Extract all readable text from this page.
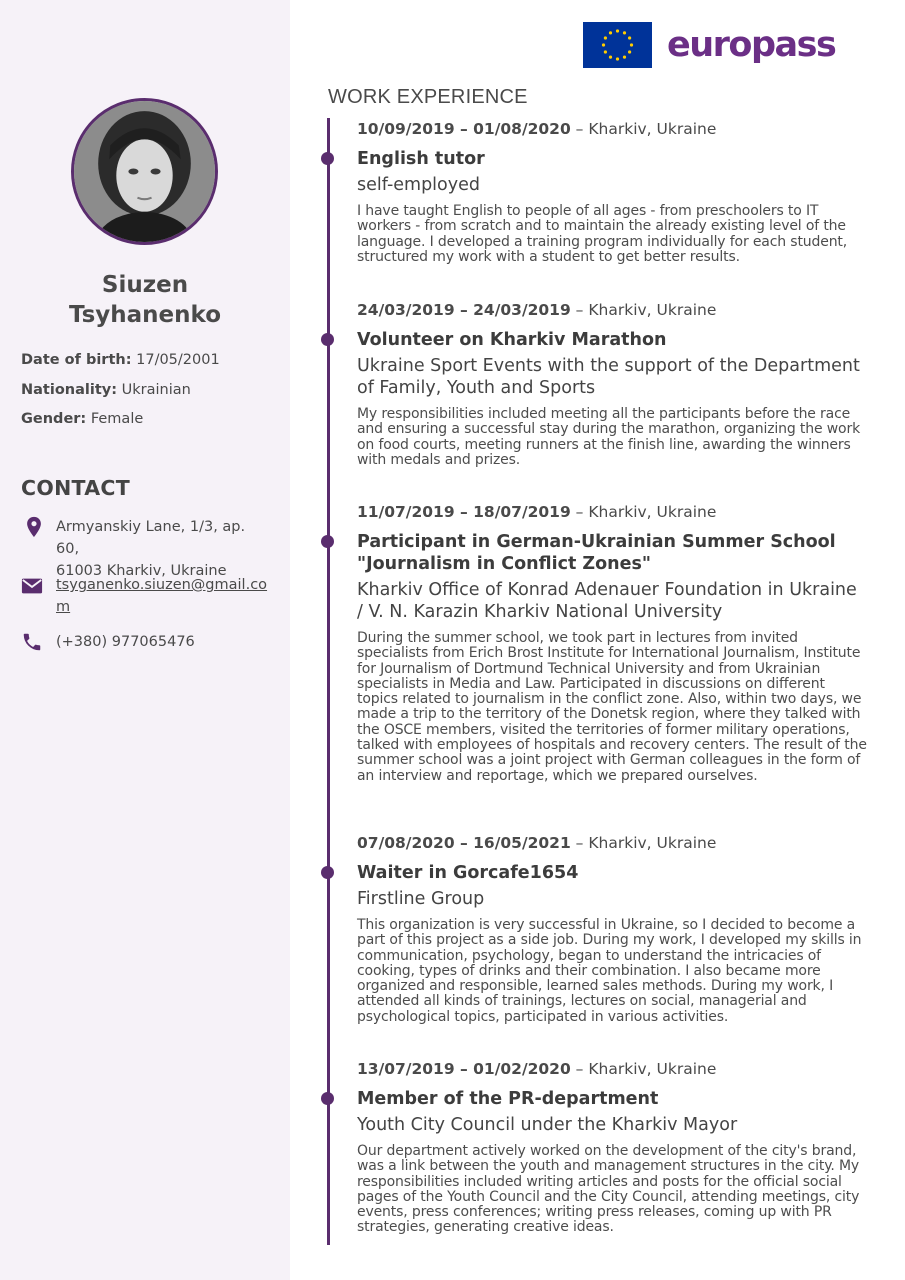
Siuzen
Tsyhanenko
Date of birth: 17/05/2001
Nationality: Ukrainian
Gender: Female
CONTACT
Armyanskiy Lane, 1/3, ap. 60,
61003 Kharkiv, Ukraine
tsyganenko.siuzen@gmail.co
m
(+380) 977065476
europass
WORK EXPERIENCE
10/09/2019 – 01/08/2020 – Kharkiv, Ukraine
English tutor
self-employed
I have taught English to people of all ages - from preschoolers to IT workers - from scratch and to maintain the already existing level of the language. I developed a training program individually for each student, structured my work with a student to get better results.
24/03/2019 – 24/03/2019 – Kharkiv, Ukraine
Volunteer on Kharkiv Marathon
Ukraine Sport Events with the support of the Department of Family, Youth and Sports
My responsibilities included meeting all the participants before the race and ensuring a successful stay during the marathon, organizing the work on food courts, meeting runners at the finish line, awarding the winners with medals and prizes.
11/07/2019 – 18/07/2019 – Kharkiv, Ukraine
Participant in German-Ukrainian Summer School "Journalism in Conflict Zones"
Kharkiv Office of Konrad Adenauer Foundation in Ukraine / V. N. Karazin Kharkiv National University
During the summer school, we took part in lectures from invited specialists from Erich Brost Institute for International Journalism, Institute for Journalism of Dortmund Technical University and from Ukrainian specialists in Media and Law. Participated in discussions on different topics related to journalism in the conflict zone. Also, within two days, we made a trip to the territory of the Donetsk region, where they talked with the OSCE members, visited the territories of former military operations, talked with employees of hospitals and recovery centers. The result of the summer school was a joint project with German colleagues in the form of an interview and reportage, which we prepared ourselves.
07/08/2020 – 16/05/2021 – Kharkiv, Ukraine
Waiter in Gorcafe1654
Firstline Group
This organization is very successful in Ukraine, so I decided to become a part of this project as a side job. During my work, I developed my skills in communication, psychology, began to understand the intricacies of cooking, types of drinks and their combination. I also became more organized and responsible, learned sales methods. During my work, I attended all kinds of trainings, lectures on social, managerial and psychological topics, participated in various activities.
13/07/2019 – 01/02/2020 – Kharkiv, Ukraine
Member of the PR-department
Youth City Council under the Kharkiv Mayor
Our department actively worked on the development of the city's brand, was a link between the youth and management structures in the city. My responsibilities included writing articles and posts for the official social pages of the Youth Council and the City Council, attending meetings, city events, press conferences; writing press releases, coming up with PR strategies, generating creative ideas.
